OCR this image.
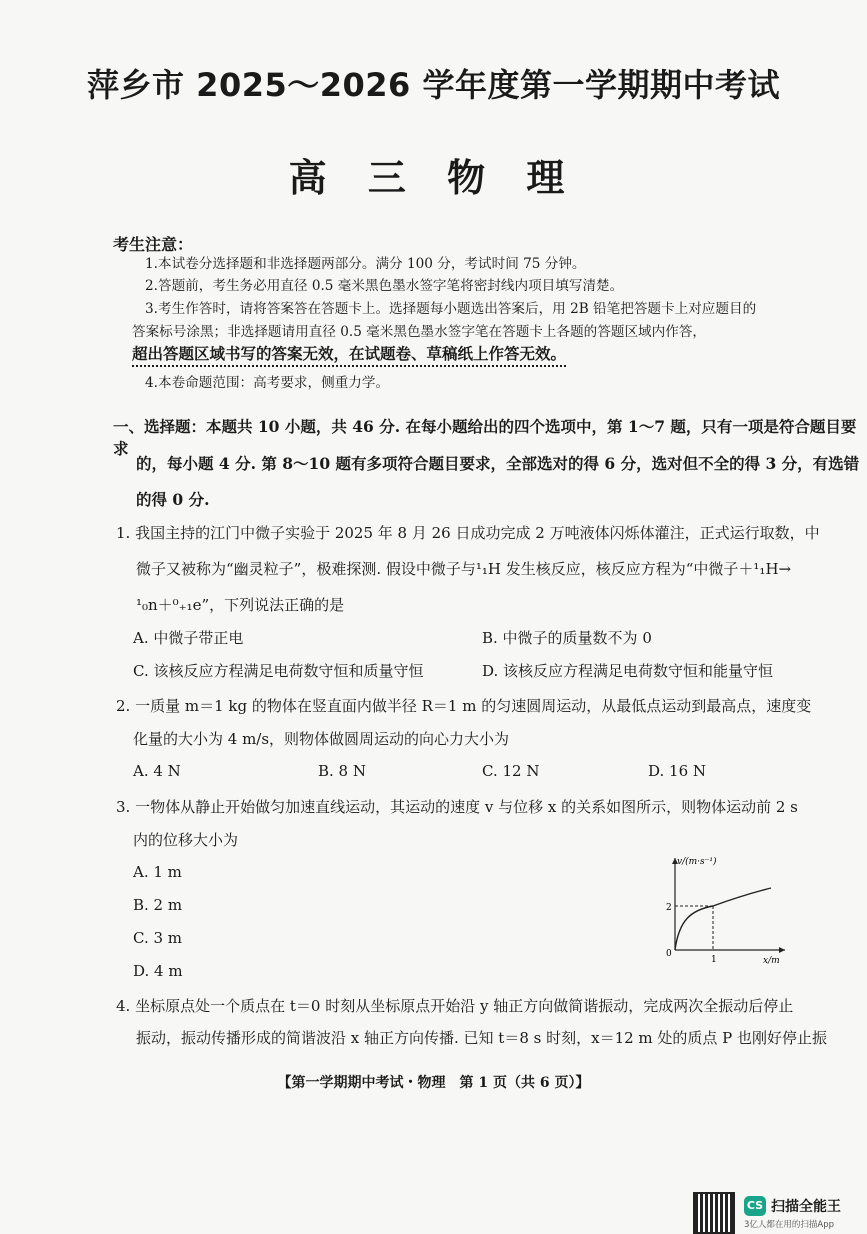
萍乡市 2025～2026 学年度第一学期期中考试
高 三 物 理
考生注意：
1.本试卷分选择题和非选择题两部分。满分 100 分，考试时间 75 分钟。
2.答题前，考生务必用直径 0.5 毫米黑色墨水签字笔将密封线内项目填写清楚。
3.考生作答时，请将答案答在答题卡上。选择题每小题选出答案后，用 2B 铅笔把答题卡上对应题目的
答案标号涂黑；非选择题请用直径 0.5 毫米黑色墨水签字笔在答题卡上各题的答题区域内作答，
超出答题区域书写的答案无效，在试题卷、草稿纸上作答无效。
4.本卷命题范围：高考要求，侧重力学。
一、选择题：本题共 10 小题，共 46 分. 在每小题给出的四个选项中，第 1～7 题，只有一项是符合题目要求
的，每小题 4 分. 第 8～10 题有多项符合题目要求，全部选对的得 6 分，选对但不全的得 3 分，有选错
的得 0 分.
1. 我国主持的江门中微子实验于 2025 年 8 月 26 日成功完成 2 万吨液体闪烁体灌注，正式运行取数，中
微子又被称为“幽灵粒子”，极难探测. 假设中微子与¹₁H 发生核反应，核反应方程为“中微子＋¹₁H→
¹₀n＋⁰₊₁e”，下列说法正确的是
A. 中微子带正电	B. 中微子的质量数不为 0
C. 该核反应方程满足电荷数守恒和质量守恒	D. 该核反应方程满足电荷数守恒和能量守恒
2. 一质量 m＝1 kg 的物体在竖直面内做半径 R＝1 m 的匀速圆周运动，从最低点运动到最高点，速度变
化量的大小为 4 m/s，则物体做圆周运动的向心力大小为
A. 4 N	B. 8 N	C. 12 N	D. 16 N
3. 一物体从静止开始做匀加速直线运动，其运动的速度 v 与位移 x 的关系如图所示，则物体运动前 2 s
内的位移大小为
A. 1 m
B. 2 m
C. 3 m
D. 4 m
v/(m·s⁻¹)
x/m
0
2
1
4. 坐标原点处一个质点在 t＝0 时刻从坐标原点开始沿 y 轴正方向做简谐振动，完成两次全振动后停止
振动，振动传播形成的简谐波沿 x 轴正方向传播. 已知 t＝8 s 时刻，x＝12 m 处的质点 P 也刚好停止振
【第一学期期中考试・物理　第 1 页（共 6 页）】
CS 扫描全能王
3亿人都在用的扫描App
